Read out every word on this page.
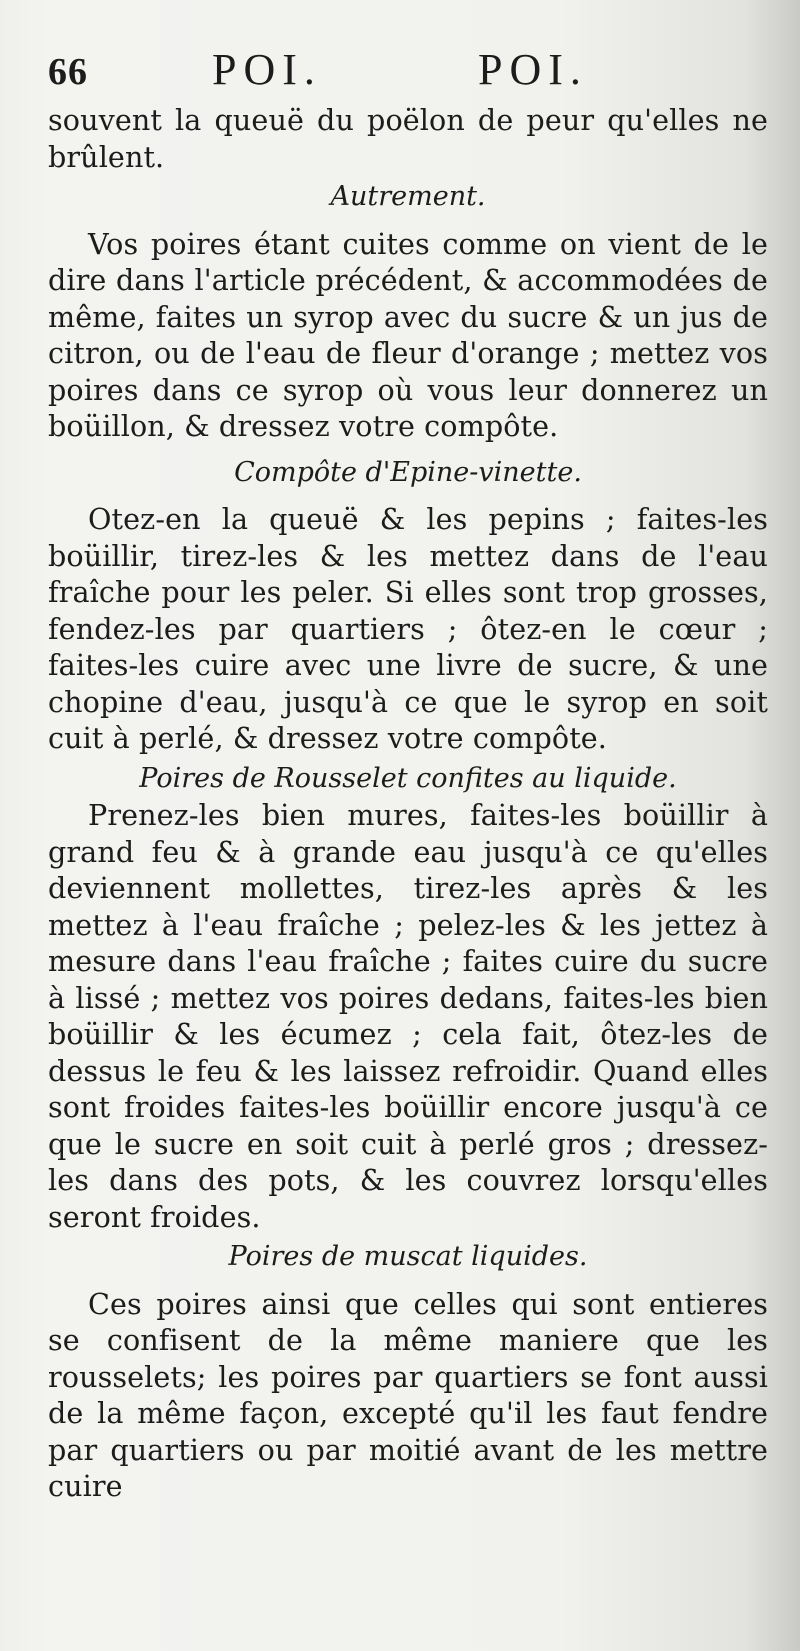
66	POI.	POI.

souvent la queuë du poëlon de peur qu'elles ne brûlent.

Autrement.

Vos poires étant cuites comme on vient de le dire dans l'article précédent, & accommodées de même, faites un syrop avec du sucre & un jus de citron, ou de l'eau de fleur d'orange ; mettez vos poires dans ce syrop où vous leur donnerez un boüillon, & dressez votre compôte.

Compôte d'Epine-vinette.

Otez-en la queuë & les pepins ; faites-les boüillir, tirez-les & les mettez dans de l'eau fraîche pour les peler. Si elles sont trop grosses, fendez-les par quartiers ; ôtez-en le cœur ; faites-les cuire avec une livre de sucre, & une chopine d'eau, jusqu'à ce que le syrop en soit cuit à perlé, & dressez votre compôte.

Poires de Rousselet confites au liquide.

Prenez-les bien mures, faites-les boüillir à grand feu & à grande eau jusqu'à ce qu'elles deviennent mollettes, tirez-les après & les mettez à l'eau fraîche ; pelez-les & les jettez à mesure dans l'eau fraîche ; faites cuire du sucre à lissé ; mettez vos poires dedans, faites-les bien boüillir & les écumez ; cela fait, ôtez-les de dessus le feu & les laissez refroidir. Quand elles sont froides faites-les boüillir encore jusqu'à ce que le sucre en soit cuit à perlé gros ; dressez-les dans des pots, & les couvrez lorsqu'elles seront froides.

Poires de muscat liquides.

Ces poires ainsi que celles qui sont entieres se confisent de la même maniere que les rousselets; les poires par quartiers se font aussi de la même façon, excepté qu'il les faut fendre par quartiers ou par moitié avant de les mettre cuire
